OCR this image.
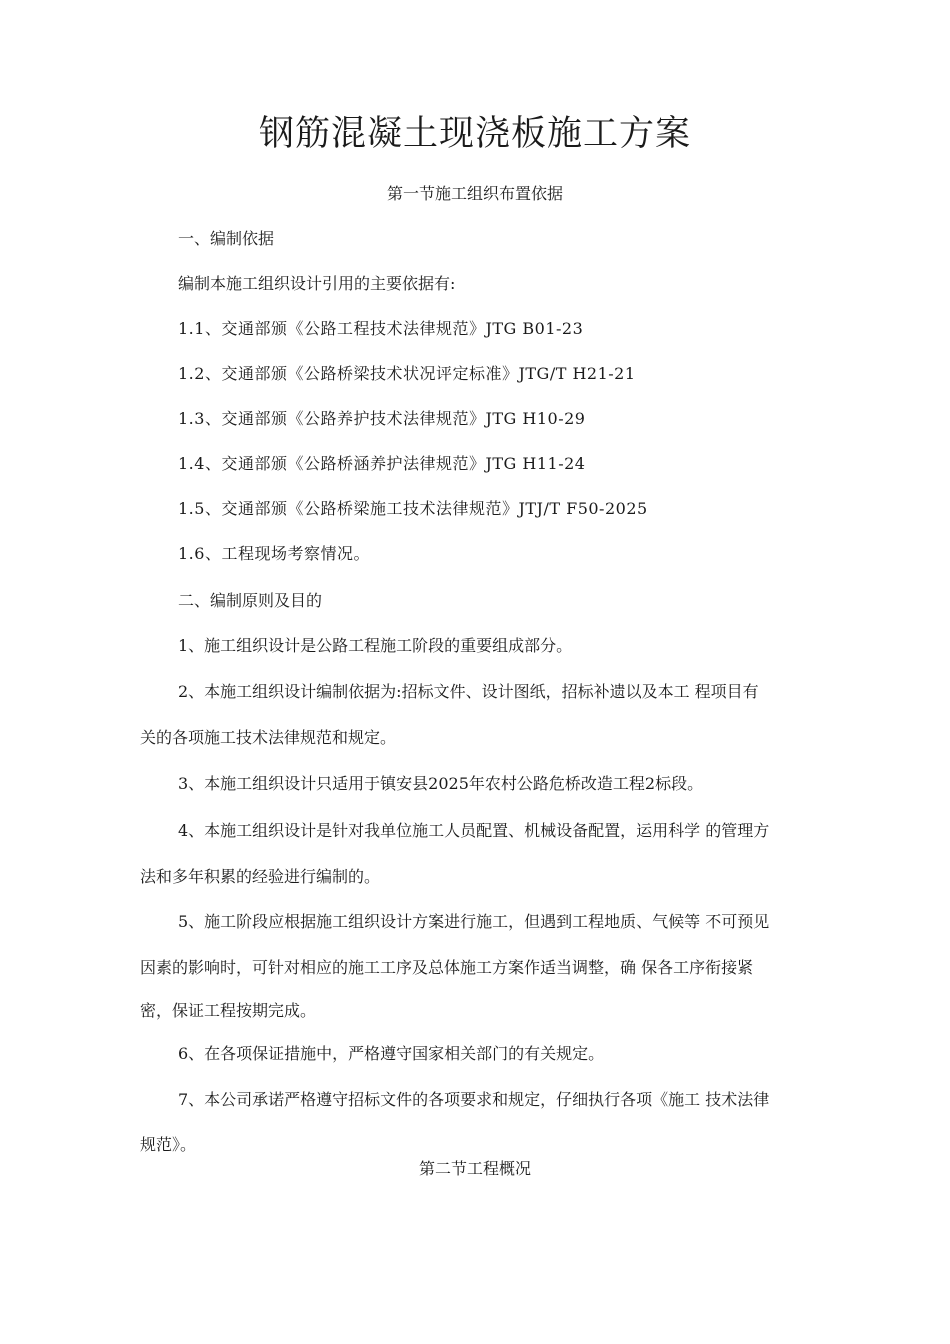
钢筋混凝土现浇板施工方案
第一节施工组织布置依据
一、编制依据
编制本施工组织设计引用的主要依据有:
1.1、交通部颁《公路工程技术法律规范》JTG B01-23
1.2、交通部颁《公路桥梁技术状况评定标准》JTG/T H21-21
1.3、交通部颁《公路养护技术法律规范》JTG H10-29
1.4、交通部颁《公路桥涵养护法律规范》JTG H11-24
1.5、交通部颁《公路桥梁施工技术法律规范》JTJ/T F50-2025
1.6、工程现场考察情况。
二、编制原则及目的
1、施工组织设计是公路工程施工阶段的重要组成部分。
2、本施工组织设计编制依据为:招标文件、设计图纸，招标补遗以及本工 程项目有
关的各项施工技术法律规范和规定。
3、本施工组织设计只适用于镇安县2025年农村公路危桥改造工程2标段。
4、本施工组织设计是针对我单位施工人员配置、机械设备配置，运用科学 的管理方
法和多年积累的经验进行编制的。
5、施工阶段应根据施工组织设计方案进行施工，但遇到工程地质、气候等 不可预见
因素的影响时，可针对相应的施工工序及总体施工方案作适当调整，确 保各工序衔接紧
密，保证工程按期完成。
6、在各项保证措施中，严格遵守国家相关部门的有关规定。
7、本公司承诺严格遵守招标文件的各项要求和规定，仔细执行各项《施工 技术法律
规范》。
第二节工程概况
